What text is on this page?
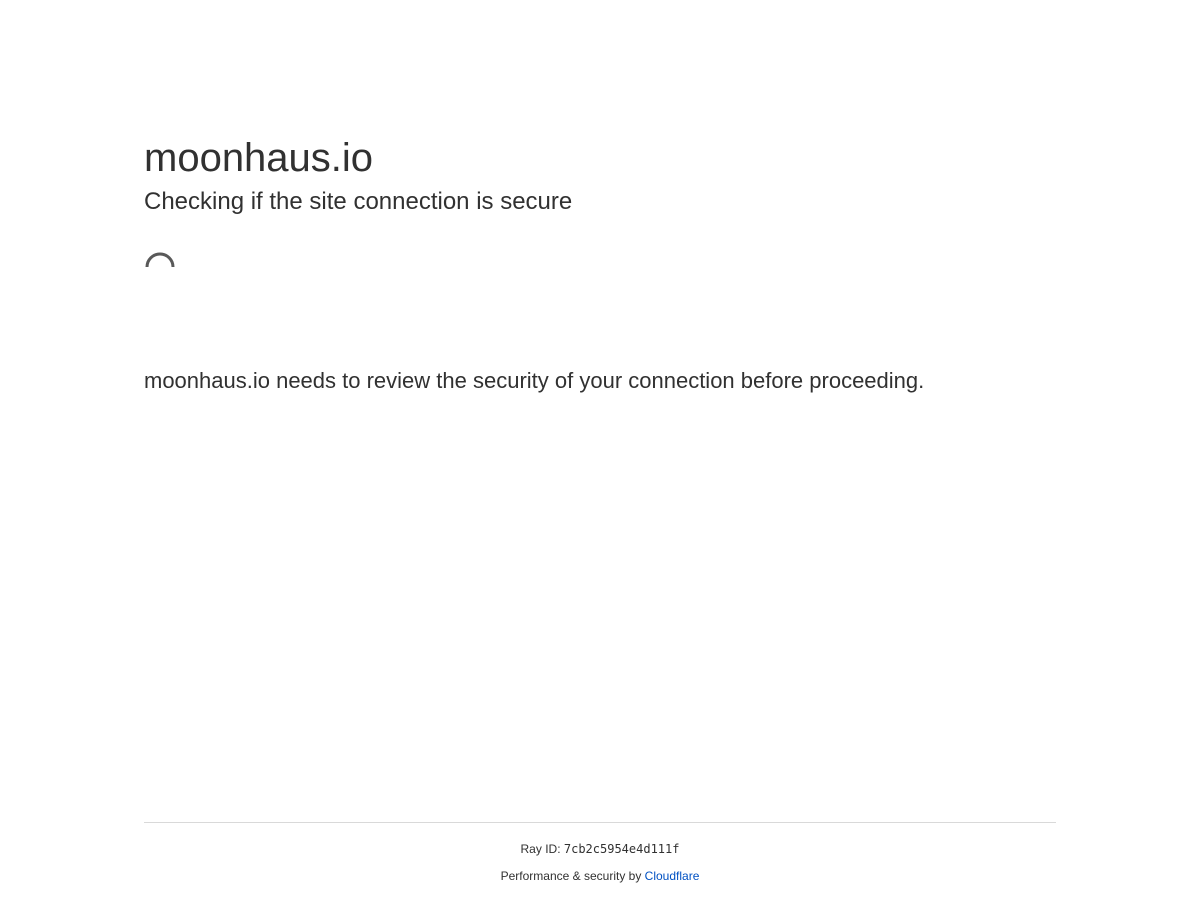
moonhaus.io
Checking if the site connection is secure

moonhaus.io needs to review the security of your connection before proceeding.

Ray ID: 7cb2c5954e4d111f
Performance & security by Cloudflare
